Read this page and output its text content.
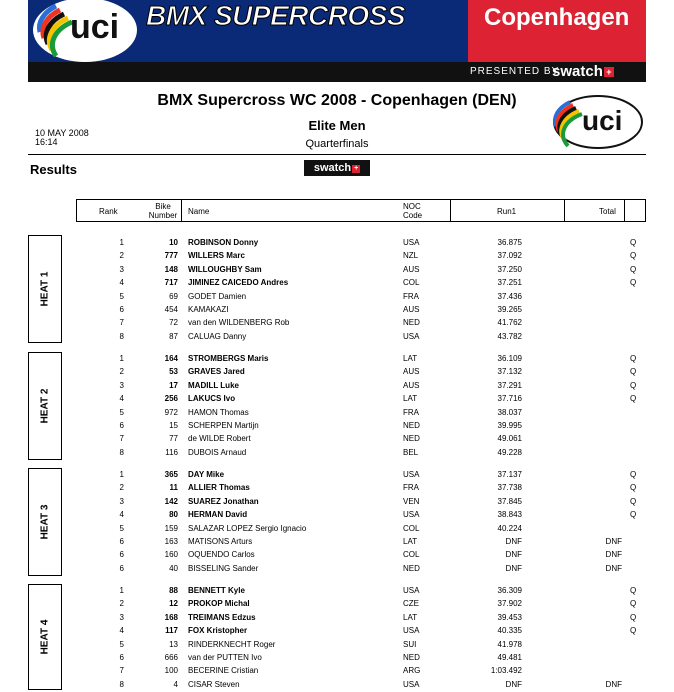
uci BMX SUPERCROSS	Copenhagen
PRESENTED BY
swatch +
BMX Supercross WC 2008 - Copenhagen (DEN)
Elite Men
Quarterfinals
10 MAY 2008
16:14
uci
Results	swatch +
Rank
Bike
Number	Name
NOC
Code	Run1	Total
HEAT 1
1	10 ROBINSON Donny	USA	36.875	Q
2	777 WILLERS Marc	NZL	37.092	Q
3	148 WILLOUGHBY Sam	AUS	37.250	Q
4	717 JIMINEZ CAICEDO Andres	COL	37.251	Q
5	69 GODET Damien	FRA	37.436
6	454 KAMAKAZI	AUS	39.265
7	72 van den WILDENBERG Rob	NED	41.762
8	87 CALUAG Danny	USA	43.782
HEAT 2
1	164 STROMBERGS Maris	LAT	36.109	Q
2	53 GRAVES Jared	AUS	37.132	Q
3	17 MADILL Luke	AUS	37.291	Q
4	256 LAKUCS Ivo	LAT	37.716	Q
5	972 HAMON Thomas	FRA	38.037
6	15 SCHERPEN Martijn	NED	39.995
7	77 de WILDE Robert	NED	49.061
8	116 DUBOIS Arnaud	BEL	49.228
HEAT 3
1	365 DAY Mike	USA	37.137	Q
2	11 ALLIER Thomas	FRA	37.738	Q
3	142 SUAREZ Jonathan	VEN	37.845	Q
4	80 HERMAN David	USA	38.843	Q
5	159 SALAZAR LOPEZ Sergio Ignacio	COL	40.224
6	163 MATISONS Arturs	LAT	DNF	DNF
6	160 OQUENDO Carlos	COL	DNF	DNF
6	40 BISSELING Sander	NED	DNF	DNF
HEAT 4
1	88 BENNETT Kyle	USA	36.309	Q
2	12 PROKOP Michal	CZE	37.902	Q
3	168 TREIMANS Edzus	LAT	39.453	Q
4	117 FOX Kristopher	USA	40.335	Q
5	13 RINDERKNECHT Roger	SUI	41.978
6	666 van der PUTTEN Ivo	NED	49.481
7	100 BECERINE Cristian	ARG	1:03.492
8	4 CISAR Steven	USA	DNF	DNF
